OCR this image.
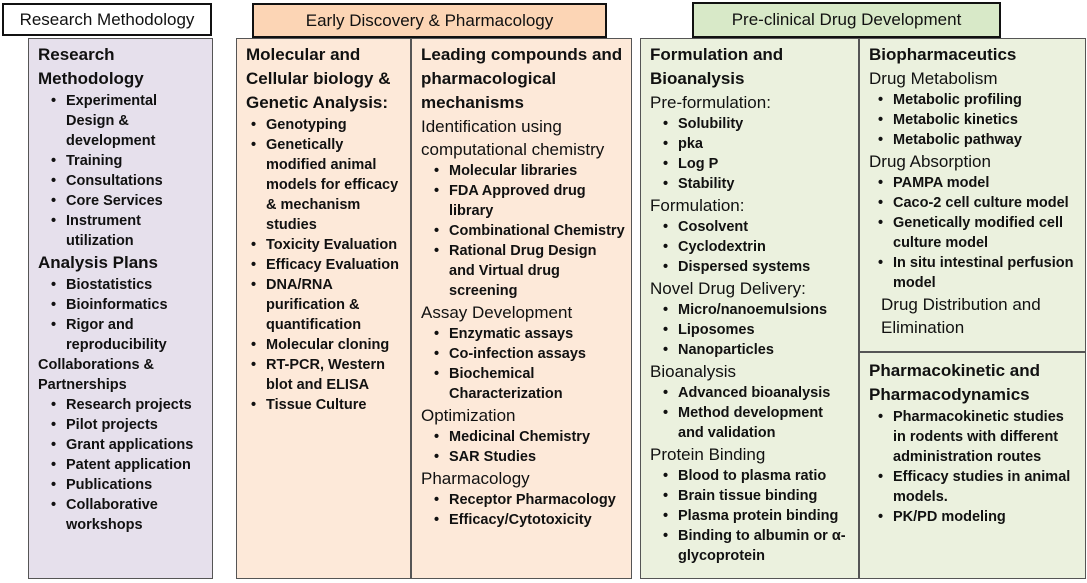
Research Methodology	Early Discovery & Pharmacology	Pre-clinical Drug Development

Research Methodology

• Experimental Design & development
• Training
• Consultations
• Core Services
• Instrument utilization

Analysis Plans

• Biostatistics
• Bioinformatics
• Rigor and reproducibility

Collaborations & Partnerships

• Research projects
• Pilot projects
• Grant applications
• Patent application
• Publications
• Collaborative workshops

Molecular and Cellular biology & Genetic Analysis:

• Genotyping
• Genetically modified animal models for efficacy & mechanism studies
• Toxicity Evaluation
• Efficacy Evaluation
• DNA/RNA purification & quantification
• Molecular cloning
• RT-PCR, Western blot and ELISA
• Tissue Culture

Leading compounds and pharmacological mechanisms

Identification using computational chemistry

• Molecular libraries
• FDA Approved drug library
• Combinational Chemistry
• Rational Drug Design and Virtual drug screening

Assay Development

• Enzymatic assays
• Co-infection assays
• Biochemical Characterization

Optimization

• Medicinal Chemistry
• SAR Studies

Pharmacology

• Receptor Pharmacology
• Efficacy/Cytotoxicity

Formulation and Bioanalysis

Pre-formulation:

• Solubility
• pka
• Log P
• Stability

Formulation:

• Cosolvent
• Cyclodextrin
• Dispersed systems

Novel Drug Delivery:

• Micro/nanoemulsions
• Liposomes
• Nanoparticles

Bioanalysis

• Advanced bioanalysis
• Method development and validation

Protein Binding

• Blood to plasma ratio
• Brain tissue binding
• Plasma protein binding
• Binding to albumin or α-glycoprotein

Biopharmaceutics

Drug Metabolism

• Metabolic profiling
• Metabolic kinetics
• Metabolic pathway

Drug Absorption

• PAMPA model
• Caco-2 cell culture model
• Genetically modified cell culture model
• In situ intestinal perfusion model

Drug Distribution and Elimination

Pharmacokinetic and Pharmacodynamics

• Pharmacokinetic studies in rodents with different administration routes
• Efficacy studies in animal models.
• PK/PD modeling
